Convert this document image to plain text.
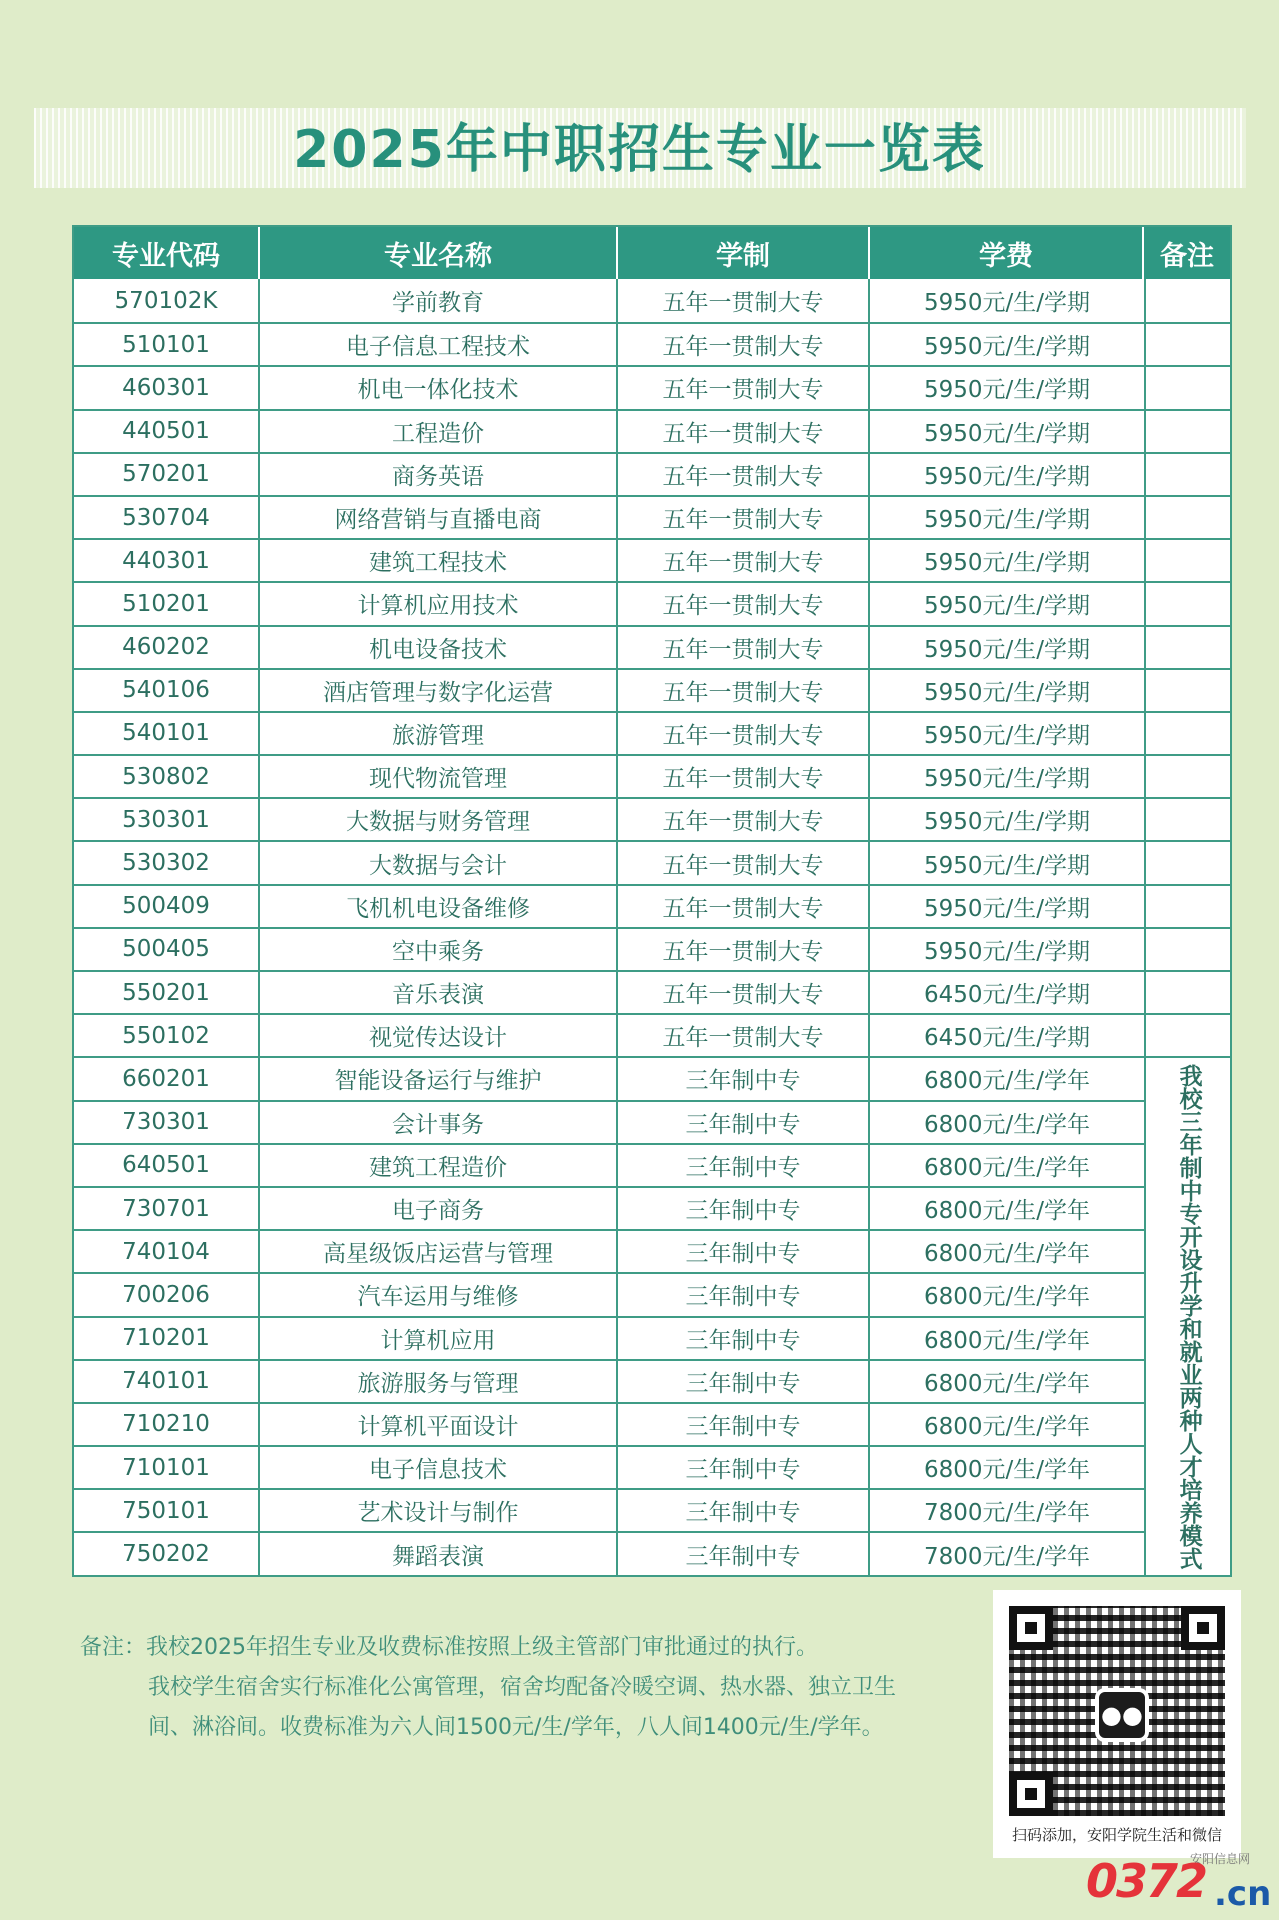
2025年中职招生专业一览表
专业代码	专业名称	学制	学费	备注
570102K	学前教育	五年一贯制大专	5950元/生/学期
510101	电子信息工程技术	五年一贯制大专	5950元/生/学期
460301	机电一体化技术	五年一贯制大专	5950元/生/学期
440501	工程造价	五年一贯制大专	5950元/生/学期
570201	商务英语	五年一贯制大专	5950元/生/学期
530704	网络营销与直播电商	五年一贯制大专	5950元/生/学期
440301	建筑工程技术	五年一贯制大专	5950元/生/学期
510201	计算机应用技术	五年一贯制大专	5950元/生/学期
460202	机电设备技术	五年一贯制大专	5950元/生/学期
540106	酒店管理与数字化运营	五年一贯制大专	5950元/生/学期
540101	旅游管理	五年一贯制大专	5950元/生/学期
530802	现代物流管理	五年一贯制大专	5950元/生/学期
530301	大数据与财务管理	五年一贯制大专	5950元/生/学期
530302	大数据与会计	五年一贯制大专	5950元/生/学期
500409	飞机机电设备维修	五年一贯制大专	5950元/生/学期
500405	空中乘务	五年一贯制大专	5950元/生/学期
550201	音乐表演	五年一贯制大专	6450元/生/学期
550102	视觉传达设计	五年一贯制大专	6450元/生/学期
660201	智能设备运行与维护	三年制中专	6800元/生/学年
730301	会计事务	三年制中专	6800元/生/学年
640501	建筑工程造价	三年制中专	6800元/生/学年
730701	电子商务	三年制中专	6800元/生/学年
740104	高星级饭店运营与管理	三年制中专	6800元/生/学年
700206	汽车运用与维修	三年制中专	6800元/生/学年
710201	计算机应用	三年制中专	6800元/生/学年
740101	旅游服务与管理	三年制中专	6800元/生/学年
710210	计算机平面设计	三年制中专	6800元/生/学年
710101	电子信息技术	三年制中专	6800元/生/学年
750101	艺术设计与制作	三年制中专	7800元/生/学年
750202	舞蹈表演	三年制中专	7800元/生/学年	我校三年制中专开设升学和就业两种人才培养模式
备注：我校2025年招生专业及收费标准按照上级主管部门审批通过的执行。
我校学生宿舍实行标准化公寓管理，宿舍均配备冷暖空调、热水器、独立卫生
间、淋浴间。收费标准为六人间1500元/生/学年，八人间1400元/生/学年。	●●
扫码添加，安阳学院生活和微信
安阳信息网
0372 .cn
